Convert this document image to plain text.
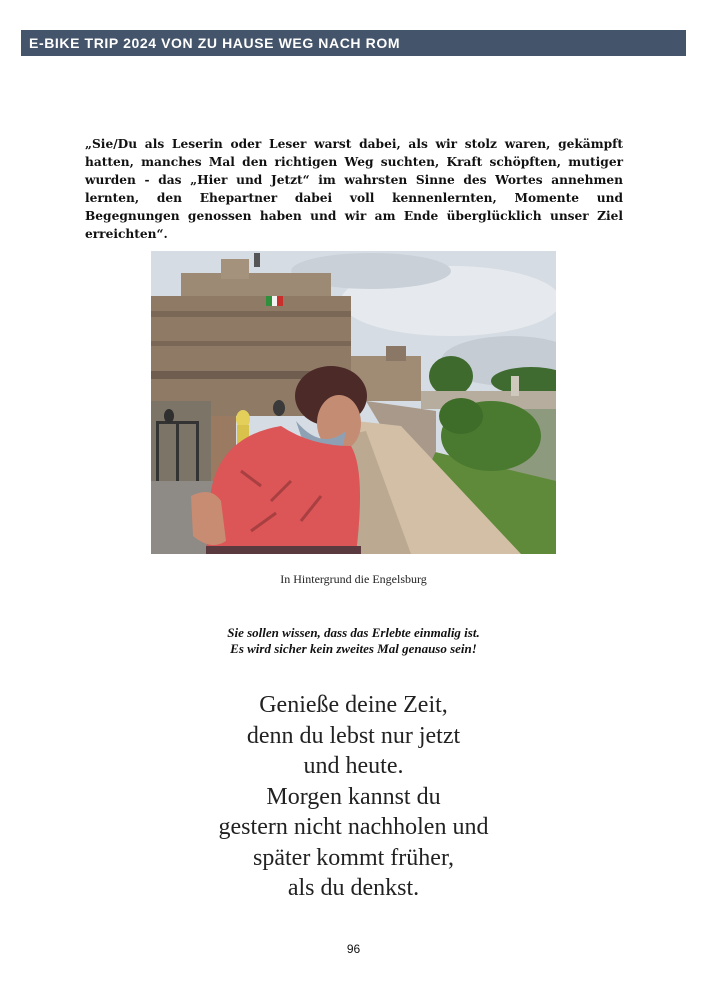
E-BIKE TRIP 2024 VON ZU HAUSE WEG NACH ROM
„Sie/Du als Leserin oder Leser warst dabei, als wir stolz waren, gekämpft hatten, manches Mal den richtigen Weg suchten, Kraft schöpften, mutiger wurden - das „Hier und Jetzt“ im wahrsten Sinne des Wortes annehmen lernten, den Ehepartner dabei voll kennenlernten, Momente und Begegnungen genossen haben und wir am Ende überglücklich unser Ziel erreichten“.
In Hintergrund die Engelsburg
Sie sollen wissen, dass das Erlebte einmalig ist.
Es wird sicher kein zweites Mal genauso sein!
Genieße deine Zeit,
denn du lebst nur jetzt
und heute.
Morgen kannst du
gestern nicht nachholen und
später kommt früher,
als du denkst.
96
